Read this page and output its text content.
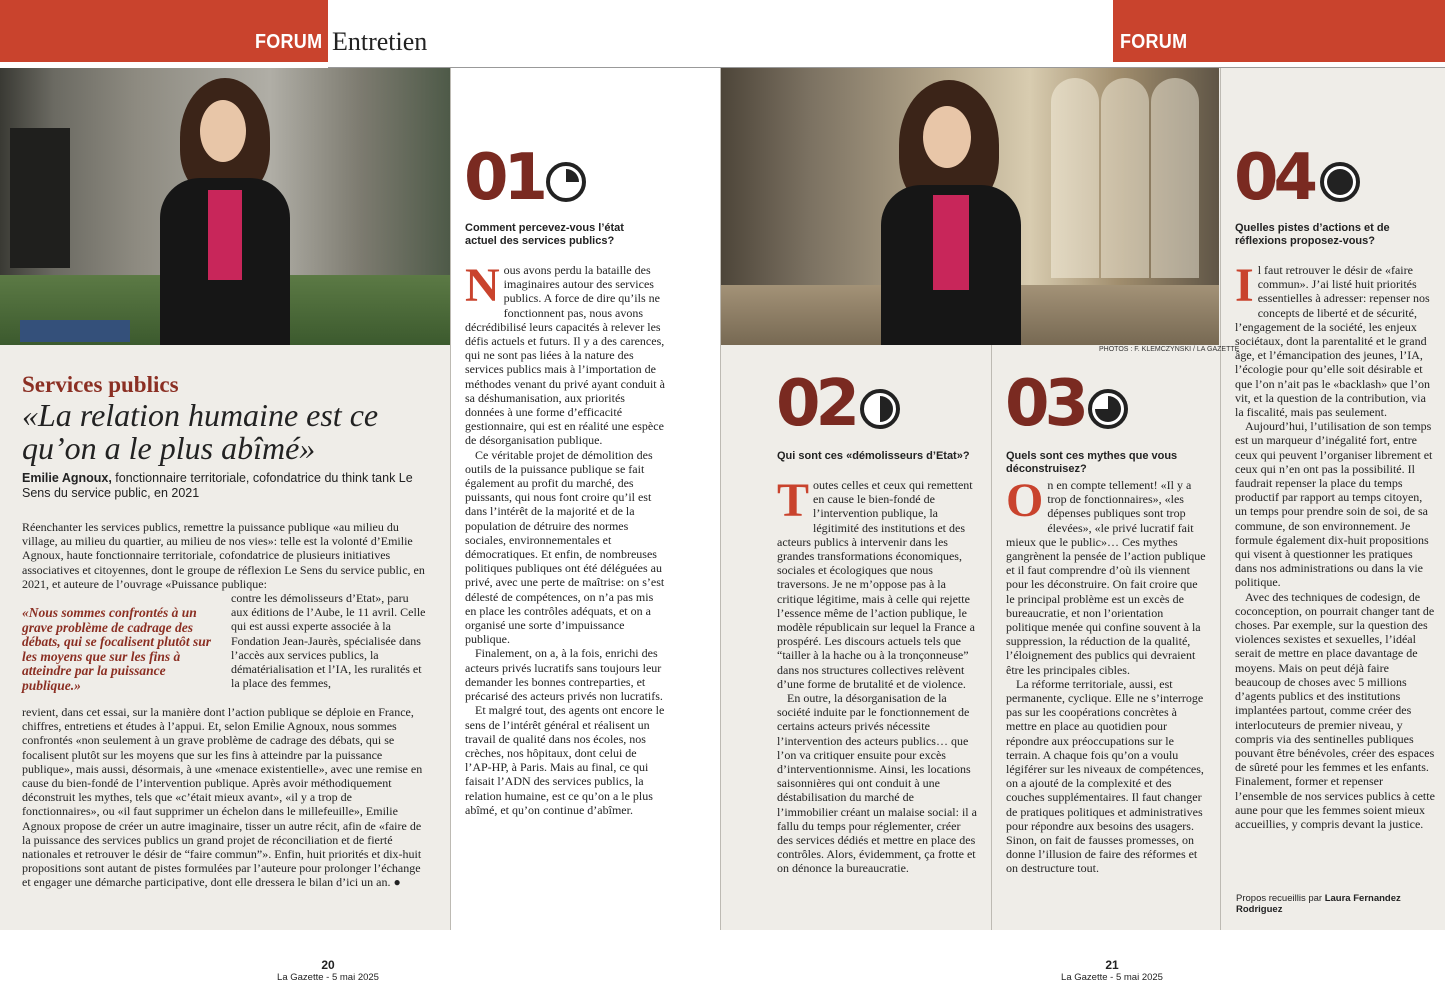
FORUM Entretien	FORUM
PHOTOS : F. KLEMCZYNSKI / LA GAZETTE
Services publics
«La relation humaine est ce qu’on a le plus abîmé»
Emilie Agnoux, fonctionnaire territoriale, cofondatrice du think tank Le Sens du service public, en 2021
Réenchanter les services publics, remettre la puissance publique «au milieu du village, au milieu du quartier, au milieu de nos vies»: telle est la volonté d’Emilie Agnoux, haute fonctionnaire territoriale, cofondatrice de plusieurs initiatives associatives et citoyennes, dont le groupe de réflexion Le Sens du service public, en 2021, et auteure de l’ouvrage «Puissance publique:
«Nous sommes confrontés à un grave problème de cadrage des débats, qui se focalisent plutôt sur les moyens que sur les fins à atteindre par la puissance publique.»
contre les démolisseurs d’Etat», paru aux éditions de l’Aube, le 11 avril. Celle qui est aussi experte associée à la Fondation Jean-Jaurès, spécialisée dans l’accès aux services publics, la dématérialisation et l’IA, les ruralités et la place des femmes,
revient, dans cet essai, sur la manière dont l’action publique se déploie en France, chiffres, entretiens et études à l’appui. Et, selon Emilie Agnoux, nous sommes confrontés «non seulement à un grave problème de cadrage des débats, qui se focalisent plutôt sur les moyens que sur les fins à atteindre par la puissance publique», mais aussi, désormais, à une «menace existentielle», avec une remise en cause du bien-fondé de l’intervention publique. Après avoir méthodiquement déconstruit les mythes, tels que «c’était mieux avant», «il y a trop de fonctionnaires», ou «il faut supprimer un échelon dans le millefeuille», Emilie Agnoux propose de créer un autre imaginaire, tisser un autre récit, afin de «faire de la puissance des services publics un grand projet de réconciliation et de fierté nationales et retrouver le désir de “faire commun”». Enfin, huit priorités et dix-huit propositions sont autant de pistes formulées par l’auteure pour prolonger l’échange et engager une démarche participative, dont elle dressera le bilan d’ici un an. ●
01
Comment percevez-vous l’état actuel des services publics?

Nous avons perdu la bataille des imaginaires autour des services publics. A force de dire qu’ils ne fonctionnent pas, nous avons décrédibilisé leurs capacités à relever les défis actuels et futurs. Il y a des carences, qui ne sont pas liées à la nature des services publics mais à l’importation de méthodes venant du privé ayant conduit à sa déshumanisation, aux priorités données à une forme d’efficacité gestionnaire, qui est en réalité une espèce de désorganisation publique.

Ce véritable projet de démolition des outils de la puissance publique se fait également au profit du marché, des puissants, qui nous font croire qu’il est dans l’intérêt de la majorité et de la population de détruire des normes sociales, environnementales et démocratiques. Et enfin, de nombreuses politiques publiques ont été déléguées au privé, avec une perte de maîtrise: on s’est délesté de compétences, on n’a pas mis en place les contrôles adéquats, et on a organisé une sorte d’impuissance publique.

Finalement, on a, à la fois, enrichi des acteurs privés lucratifs sans toujours leur demander les bonnes contreparties, et précarisé des acteurs privés non lucratifs.

Et malgré tout, des agents ont encore le sens de l’intérêt général et réalisent un travail de qualité dans nos écoles, nos crèches, nos hôpitaux, dont celui de l’AP-HP, à Paris. Mais au final, ce qui faisait l’ADN des services publics, la relation humaine, est ce qu’on a le plus abîmé, et qu’on continue d’abîmer.

02
Qui sont ces «démolisseurs d’Etat»?

Toutes celles et ceux qui remettent en cause le bien-fondé de l’intervention publique, la légitimité des institutions et des acteurs publics à intervenir dans les grandes transformations économiques, sociales et écologiques que nous traversons. Je ne m’oppose pas à la critique légitime, mais à celle qui rejette l’essence même de l’action publique, le modèle républicain sur lequel la France a prospéré. Les discours actuels tels que “tailler à la hache ou à la tronçonneuse” dans nos structures collectives relèvent d’une forme de brutalité et de violence.

En outre, la désorganisation de la société induite par le fonctionnement de certains acteurs privés nécessite l’intervention des acteurs publics… que l’on va critiquer ensuite pour excès d’interventionnisme. Ainsi, les locations saisonnières qui ont conduit à une déstabilisation du marché de l’immobilier créant un malaise social: il a fallu du temps pour réglementer, créer des services dédiés et mettre en place des contrôles. Alors, évidemment, ça frotte et on dénonce la bureaucratie.

03
Quels sont ces mythes que vous déconstruisez?

On en compte tellement! «Il y a trop de fonctionnaires», «les dépenses publiques sont trop élevées», «le privé lucratif fait mieux que le public»… Ces mythes gangrènent la pensée de l’action publique et il faut comprendre d’où ils viennent pour les déconstruire. On fait croire que le principal problème est un excès de bureaucratie, et non l’orientation politique menée qui confine souvent à la suppression, la réduction de la qualité, l’éloignement des publics qui devraient être les principales cibles.

La réforme territoriale, aussi, est permanente, cyclique. Elle ne s’interroge pas sur les coopérations concrètes à mettre en place au quotidien pour répondre aux préoccupations sur le terrain. A chaque fois qu’on a voulu légiférer sur les niveaux de compétences, on a ajouté de la complexité et des couches supplémentaires. Il faut changer de pratiques politiques et administratives pour répondre aux besoins des usagers. Sinon, on fait de fausses promesses, on donne l’illusion de faire des réformes et on destructure tout.

04
Quelles pistes d’actions et de réflexions proposez-vous?

Il faut retrouver le désir de «faire commun». J’ai listé huit priorités essentielles à adresser: repenser nos concepts de liberté et de sécurité, l’engagement de la société, les enjeux sociétaux, dont la parentalité et le grand âge, et l’émancipation des jeunes, l’IA, l’écologie pour qu’elle soit désirable et que l’on n’ait pas le «backlash» que l’on vit, et la question de la contribution, via la fiscalité, mais pas seulement.

Aujourd’hui, l’utilisation de son temps est un marqueur d’inégalité fort, entre ceux qui peuvent l’organiser librement et ceux qui n’en ont pas la possibilité. Il faudrait repenser la place du temps productif par rapport au temps citoyen, un temps pour prendre soin de soi, de sa commune, de son environnement. Je formule également dix-huit propositions qui visent à questionner les pratiques dans nos administrations ou dans la vie politique.

Avec des techniques de codesign, de coconception, on pourrait changer tant de choses. Par exemple, sur la question des violences sexistes et sexuelles, l’idéal serait de mettre en place davantage de moyens. Mais on peut déjà faire beaucoup de choses avec 5 millions d’agents publics et des institutions implantées partout, comme créer des interlocuteurs de premier niveau, y compris via des sentinelles publiques pouvant être bénévoles, créer des espaces de sûreté pour les femmes et les enfants. Finalement, former et repenser l’ensemble de nos services publics à cette aune pour que les femmes soient mieux accueillies, y compris devant la justice.

Propos recueillis par Laura Fernandez Rodriguez
20
La Gazette - 5 mai 2025
21
La Gazette - 5 mai 2025
